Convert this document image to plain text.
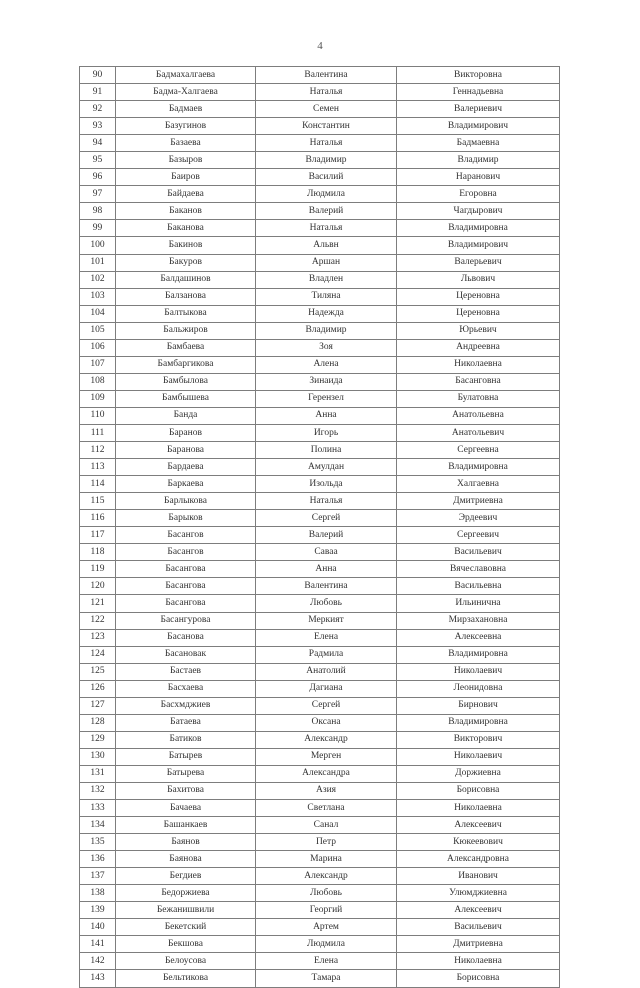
4
90	Бадмахалгаева	Валентина	Викторовна
91	Бадма-Халгаева	Наталья	Геннадьевна
92	Бадмаев	Семен	Валериевич
93	Базугинов	Константин	Владимирович
94	Базаева	Наталья	Бадмаевна
95	Базыров	Владимир	Владимир
96	Баиров	Василий	Наранович
97	Байдаева	Людмила	Егоровна
98	Баканов	Валерий	Чагдырович
99	Баканова	Наталья	Владимировна
100	Бакинов	Альвн	Владимирович
101	Бакуров	Аршан	Валерьевич
102	Балдашинов	Владлен	Львович
103	Балзанова	Тиляна	Цереновна
104	Балтыкова	Надежда	Цереновна
105	Бальжиров	Владимир	Юрьевич
106	Бамбаева	Зоя	Андреевна
107	Бамбаргикова	Алена	Николаевна
108	Бамбылова	Зинаида	Басанговна
109	Бамбышева	Герензел	Булатовна
110	Банда	Анна	Анатольевна
111	Баранов	Игорь	Анатольевич
112	Баранова	Полина	Сергеевна
113	Бардаева	Амулдан	Владимировна
114	Баркаева	Изольда	Халгаевна
115	Барлыкова	Наталья	Дмитриевна
116	Барыков	Сергей	Эрдеевич
117	Басангов	Валерий	Сергеевич
118	Басангов	Саваа	Васильевич
119	Басангова	Анна	Вячеславовна
120	Басангова	Валентина	Васильевна
121	Басангова	Любовь	Ильинична
122	Басангурова	Меркият	Мирзахановна
123	Басанова	Елена	Алексеевна
124	Басановак	Радмила	Владимировна
125	Бастаев	Анатолий	Николаевич
126	Басхаева	Дагиана	Леонидовна
127	Басхмджиев	Сергей	Бирнович
128	Батаева	Оксана	Владимировна
129	Батиков	Александр	Викторович
130	Батырев	Мерген	Николаевич
131	Батырева	Александра	Доржиевна
132	Бахитова	Азия	Борисовна
133	Бачаева	Светлана	Николаевна
134	Башанкаев	Санал	Алексеевич
135	Баянов	Петр	Кюкеевович
136	Баянова	Марина	Александровна
137	Бегдиев	Александр	Иванович
138	Бедоржиева	Любовь	Улюмджиевна
139	Бежанишвили	Георгий	Алексеевич
140	Бекетский	Артем	Васильевич
141	Бекшова	Людмила	Дмитриевна
142	Белоусова	Елена	Николаевна
143	Бельтикова	Тамара	Борисовна
